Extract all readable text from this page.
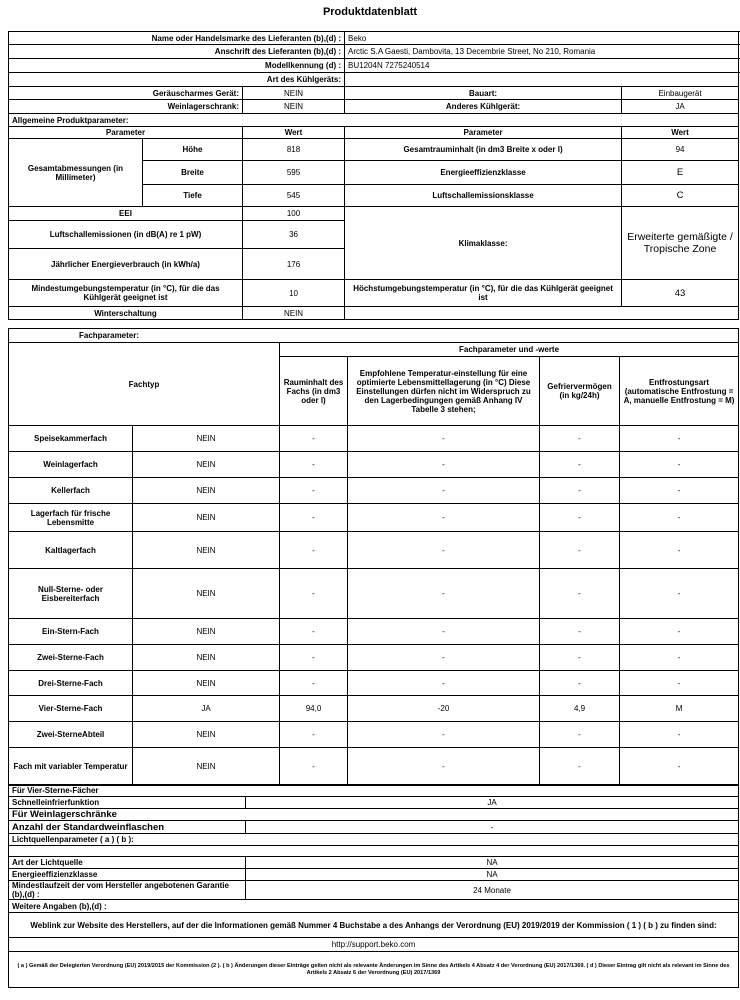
Produktdatenblatt
Name oder Handelsmarke des Lieferanten (b),(d) :			Beko	
Anschrift des Lieferanten (b),(d) :			Arctic S.A Gaesti, Dambovita, 13 Decembrie Street, No 210, Romania	
Modellkennung (d) :			BU1204N 7275240514	
Art des Kühlgeräts:				
Geräuscharmes Gerät:		NEIN	Bauart:	Einbaugerät
Weinlagerschrank:		NEIN	Anderes Kühlgerät:	JA
Allgemeine Produktparameter:				
Parameter		Wert	Parameter	Wert
Gesamtabmessungen (in Millimeter)	Höhe	818	Gesamtrauminhalt (in dm3 Breite x oder l)	94
	Breite	595	Energieeffizienzklasse	E
	Tiefe	545	Luftschallemissionsklasse	C
EEI		100	Klimaklasse:	Erweiterte gemäßigte / Tropische Zone
Luftschallemissionen (in dB(A) re 1 pW)		36		
Jährlicher Energieverbrauch (in kWh/a)		176		
Mindestumgebungstemperatur (in °C), für die das Kühlgerät geeignet ist		10	Höchstumgebungstemperatur (in °C), für die das Kühlgerät geeignet ist	43
Winterschaltung		NEIN		
Fachparameter:					
Fachtyp		Fachparameter und -werte			
		Rauminhalt des Fachs (in dm3 oder l)	Empfohlene Temperatur-einstellung für eine optimierte Lebensmittellagerung (in °C) Diese Einstellungen dürfen nicht im Widerspruch zu den Lagerbedingungen gemäß Anhang IV Tabelle 3 stehen;	Gefriervermögen (in kg/24h)	Entfrostungsart (automatische Entfrostung = A, manuelle Entfrostung = M)
Speisekammerfach	NEIN	-	-	-	-
Weinlagerfach	NEIN	-	-	-	-
Kellerfach	NEIN	-	-	-	-
Lagerfach für frische Lebensmitte	NEIN	-	-	-	-
Kaltlagerfach	NEIN	-	-	-	-
Null-Sterne- oder Eisbereiterfach	NEIN	-	-	-	-
Ein-Stern-Fach	NEIN	-	-	-	-
Zwei-Sterne-Fach	NEIN	-	-	-	-
Drei-Sterne-Fach	NEIN	-	-	-	-
Vier-Sterne-Fach	JA	94,0	-20	4,9	M
Zwei-SterneAbteil	NEIN	-	-	-	-
Fach mit variabler Temperatur	NEIN	-	-	-	-
Für Vier-Sterne-Fächer	
Schnelleinfrierfunktion	JA
Für Weinlagerschränke	
Anzahl der Standardweinflaschen	-
Lichtquellenparameter ( a ) ( b ):	

Art der Lichtquelle	NA
Energieeffizienzklasse	NA
Mindestlaufzeit der vom Hersteller angebotenen Garantie (b),(d) :	24 Monate
Weitere Angaben (b),(d) :	
Weblink zur Website des Herstellers, auf der die Informationen gemäß Nummer 4 Buchstabe a des Anhangs der Verordnung (EU) 2019/2019 der Kommission ( 1 ) ( b ) zu finden sind:	
http://support.beko.com	
( a ) Gemäß der Delegierten Verordnung (EU) 2019/2015 der Kommission (2 ). ( b ) Änderungen dieser Einträge gelten nicht als relevante Änderungen im Sinne des Artikels 4 Absatz 4 der Verordnung (EU) 2017/1369. ( d ) Dieser Eintrag gilt nicht als relevant im Sinne des Artikels 2 Absatz 6 der Verordnung (EU) 2017/1369	
